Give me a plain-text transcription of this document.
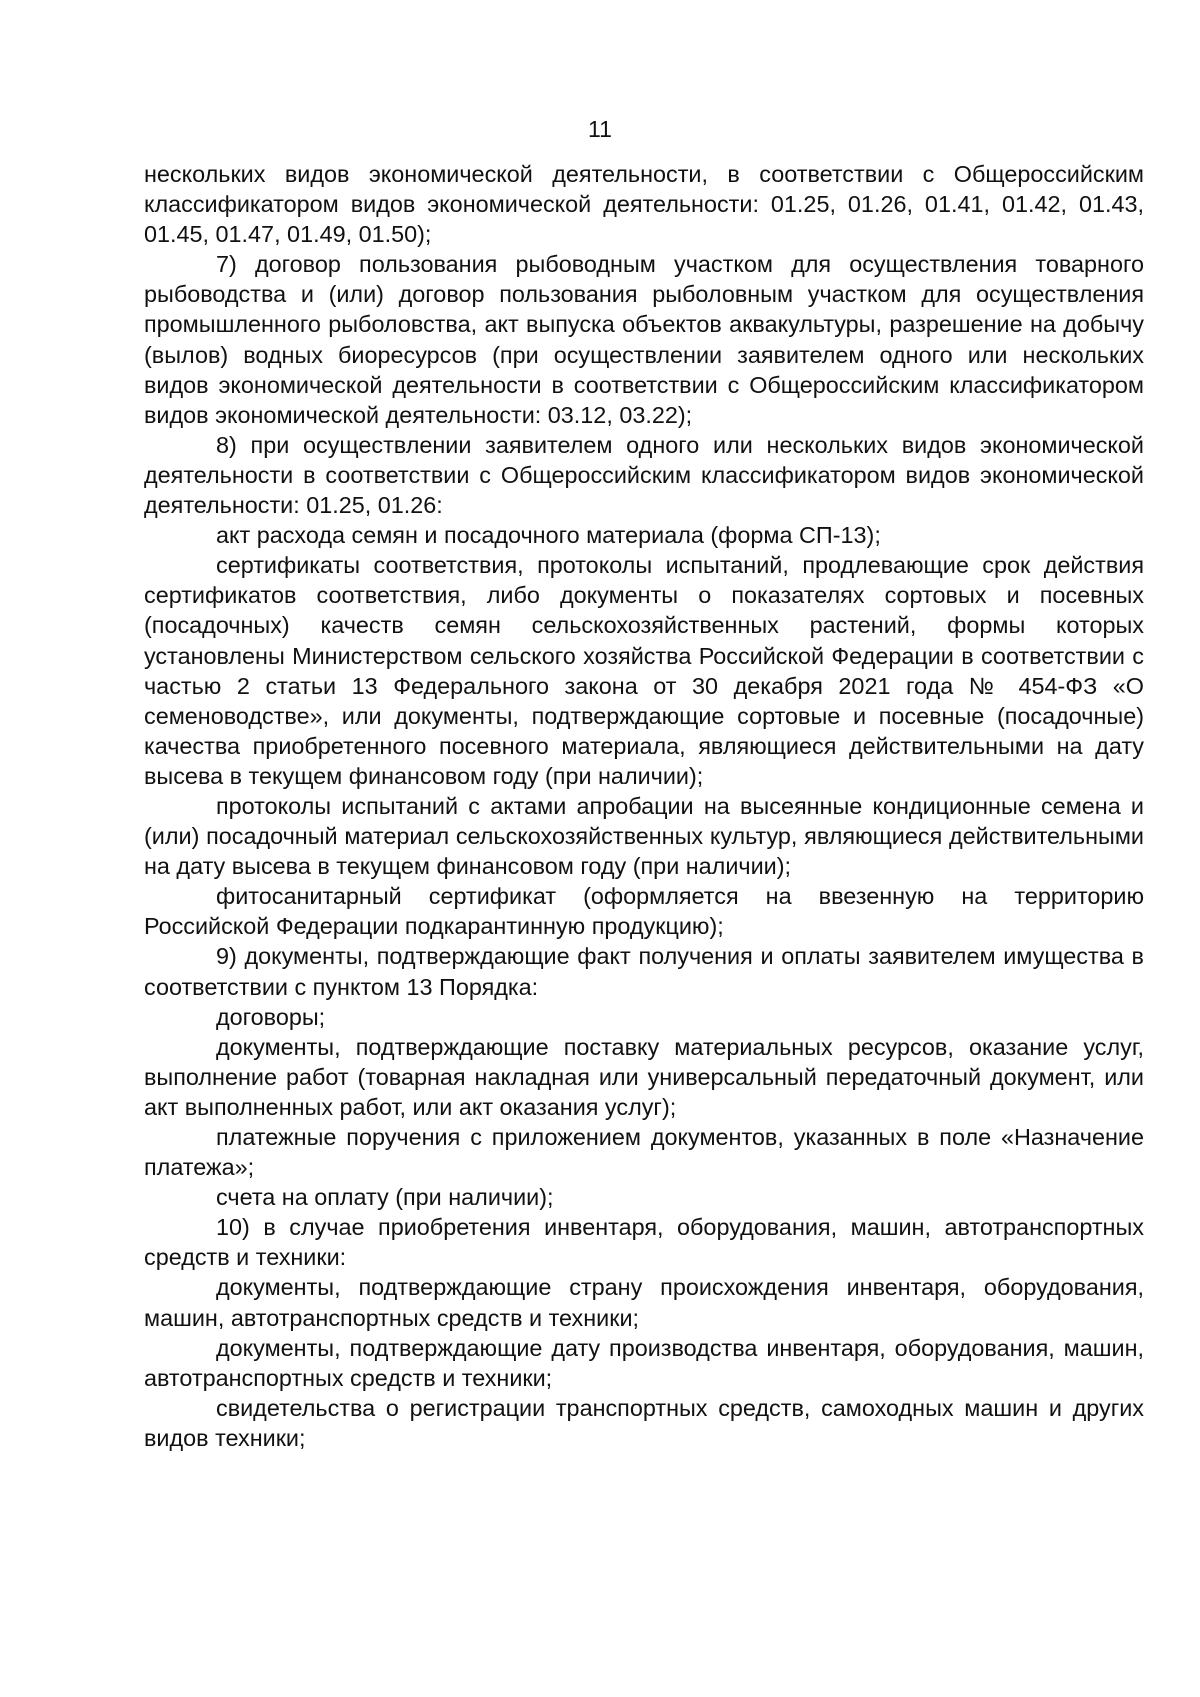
11

нескольких видов экономической деятельности, в соответствии с Общероссийским классификатором видов экономической деятельности: 01.25, 01.26, 01.41, 01.42, 01.43, 01.45, 01.47, 01.49, 01.50);

7) договор пользования рыбоводным участком для осуществления товарного рыбоводства и (или) договор пользования рыболовным участком для осуществления промышленного рыболовства, акт выпуска объектов аквакультуры, разрешение на добычу (вылов) водных биоресурсов (при осуществлении заявителем одного или нескольких видов экономической деятельности в соответствии с Общероссийским классификатором видов экономической деятельности: 03.12, 03.22);

8) при осуществлении заявителем одного или нескольких видов экономической деятельности в соответствии с Общероссийским классификатором видов экономической деятельности: 01.25, 01.26:

акт расхода семян и посадочного материала (форма СП-13);

сертификаты соответствия, протоколы испытаний, продлевающие срок действия сертификатов соответствия, либо документы о показателях сортовых и посевных (посадочных) качеств семян сельскохозяйственных растений, формы которых установлены Министерством сельского хозяйства Российской Федерации в соответствии с частью 2 статьи 13 Федерального закона от 30 декабря 2021 года № 454-ФЗ «О семеноводстве», или документы, подтверждающие сортовые и посевные (посадочные) качества приобретенного посевного материала, являющиеся действительными на дату высева в текущем финансовом году (при наличии);

протоколы испытаний с актами апробации на высеянные кондиционные семена и (или) посадочный материал сельскохозяйственных культур, являющиеся действительными на дату высева в текущем финансовом году (при наличии);

фитосанитарный сертификат (оформляется на ввезенную на территорию Российской Федерации подкарантинную продукцию);

9) документы, подтверждающие факт получения и оплаты заявителем имущества в соответствии с пунктом 13 Порядка:

договоры;

документы, подтверждающие поставку материальных ресурсов, оказание услуг, выполнение работ (товарная накладная или универсальный передаточный документ, или акт выполненных работ, или акт оказания услуг);

платежные поручения с приложением документов, указанных в поле «Назначение платежа»;

счета на оплату (при наличии);

10) в случае приобретения инвентаря, оборудования, машин, автотранспортных средств и техники:

документы, подтверждающие страну происхождения инвентаря, оборудования, машин, автотранспортных средств и техники;

документы, подтверждающие дату производства инвентаря, оборудования, машин, автотранспортных средств и техники;

свидетельства о регистрации транспортных средств, самоходных машин и других видов техники;
